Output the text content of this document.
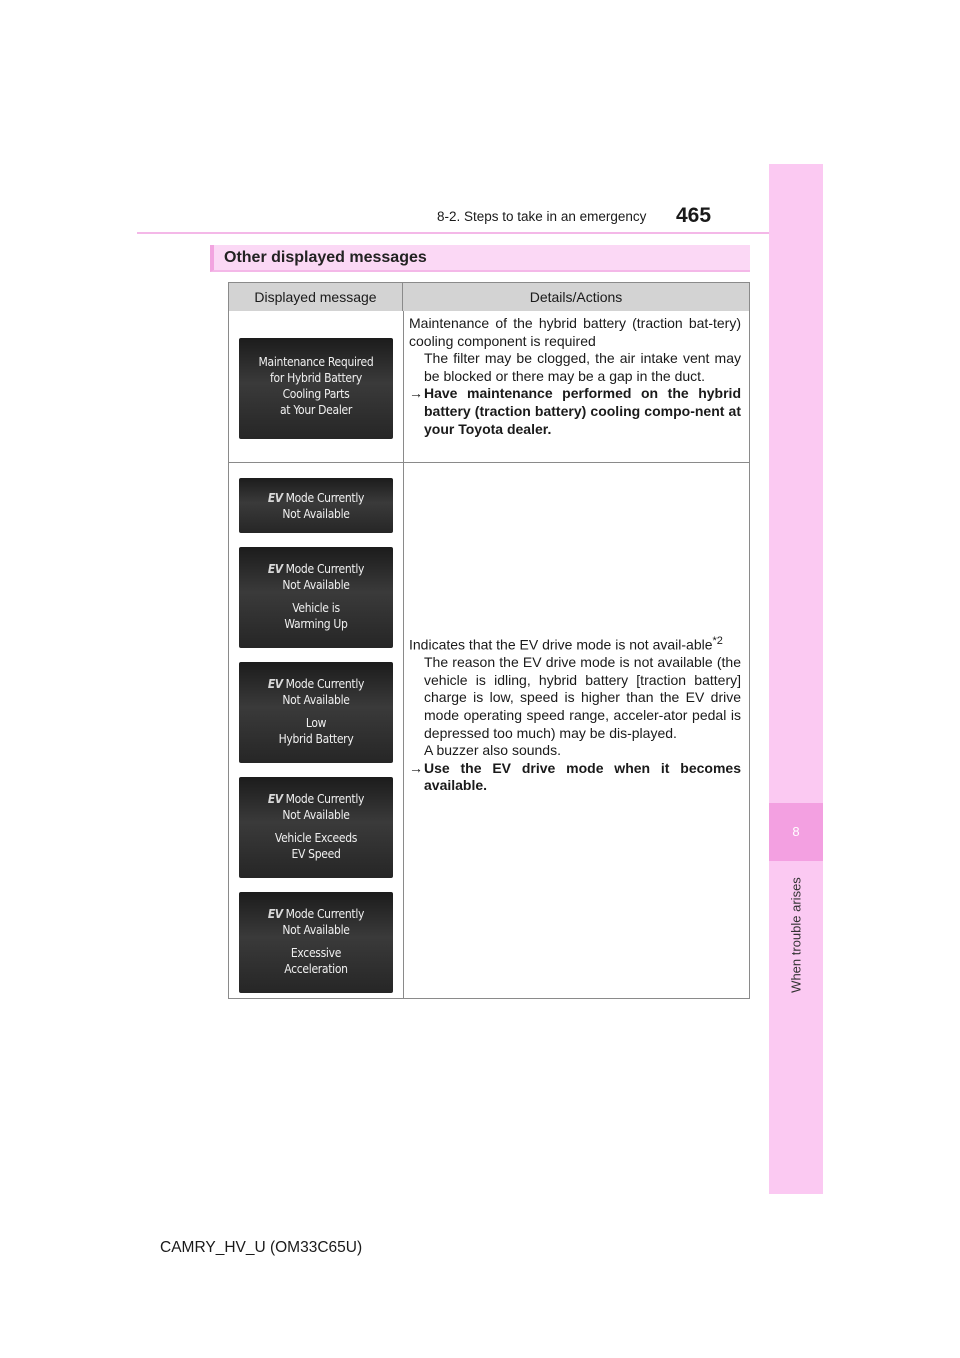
8-2. Steps to take in an emergency 465
8
When trouble arises
Other displayed messages
Displayed message	Details/Actions
Maintenance Required
for Hybrid Battery
Cooling Parts
at Your Dealer

Maintenance of the hybrid battery (traction bat-tery) cooling component is required

The filter may be clogged, the air intake vent may be blocked or there may be a gap in the duct.

→ Have maintenance performed on the hybrid battery (traction battery) cooling compo-nent at your Toyota dealer.

EV Mode Currently
Not Available
EV Mode Currently
Not Available
Vehicle is
Warming Up
EV Mode Currently
Not Available
Low
Hybrid Battery
EV Mode Currently
Not Available
Vehicle Exceeds
EV Speed
EV Mode Currently
Not Available
Excessive
Acceleration

Indicates that the EV drive mode is not avail-able$^{*2}$

The reason the EV drive mode is not available (the vehicle is idling, hybrid battery [traction battery] charge is low, speed is higher than the EV drive mode operating speed range, acceler-ator pedal is depressed too much) may be dis-played.

A buzzer also sounds.

→ Use the EV drive mode when it becomes available.

CAMRY_HV_U (OM33C65U)
